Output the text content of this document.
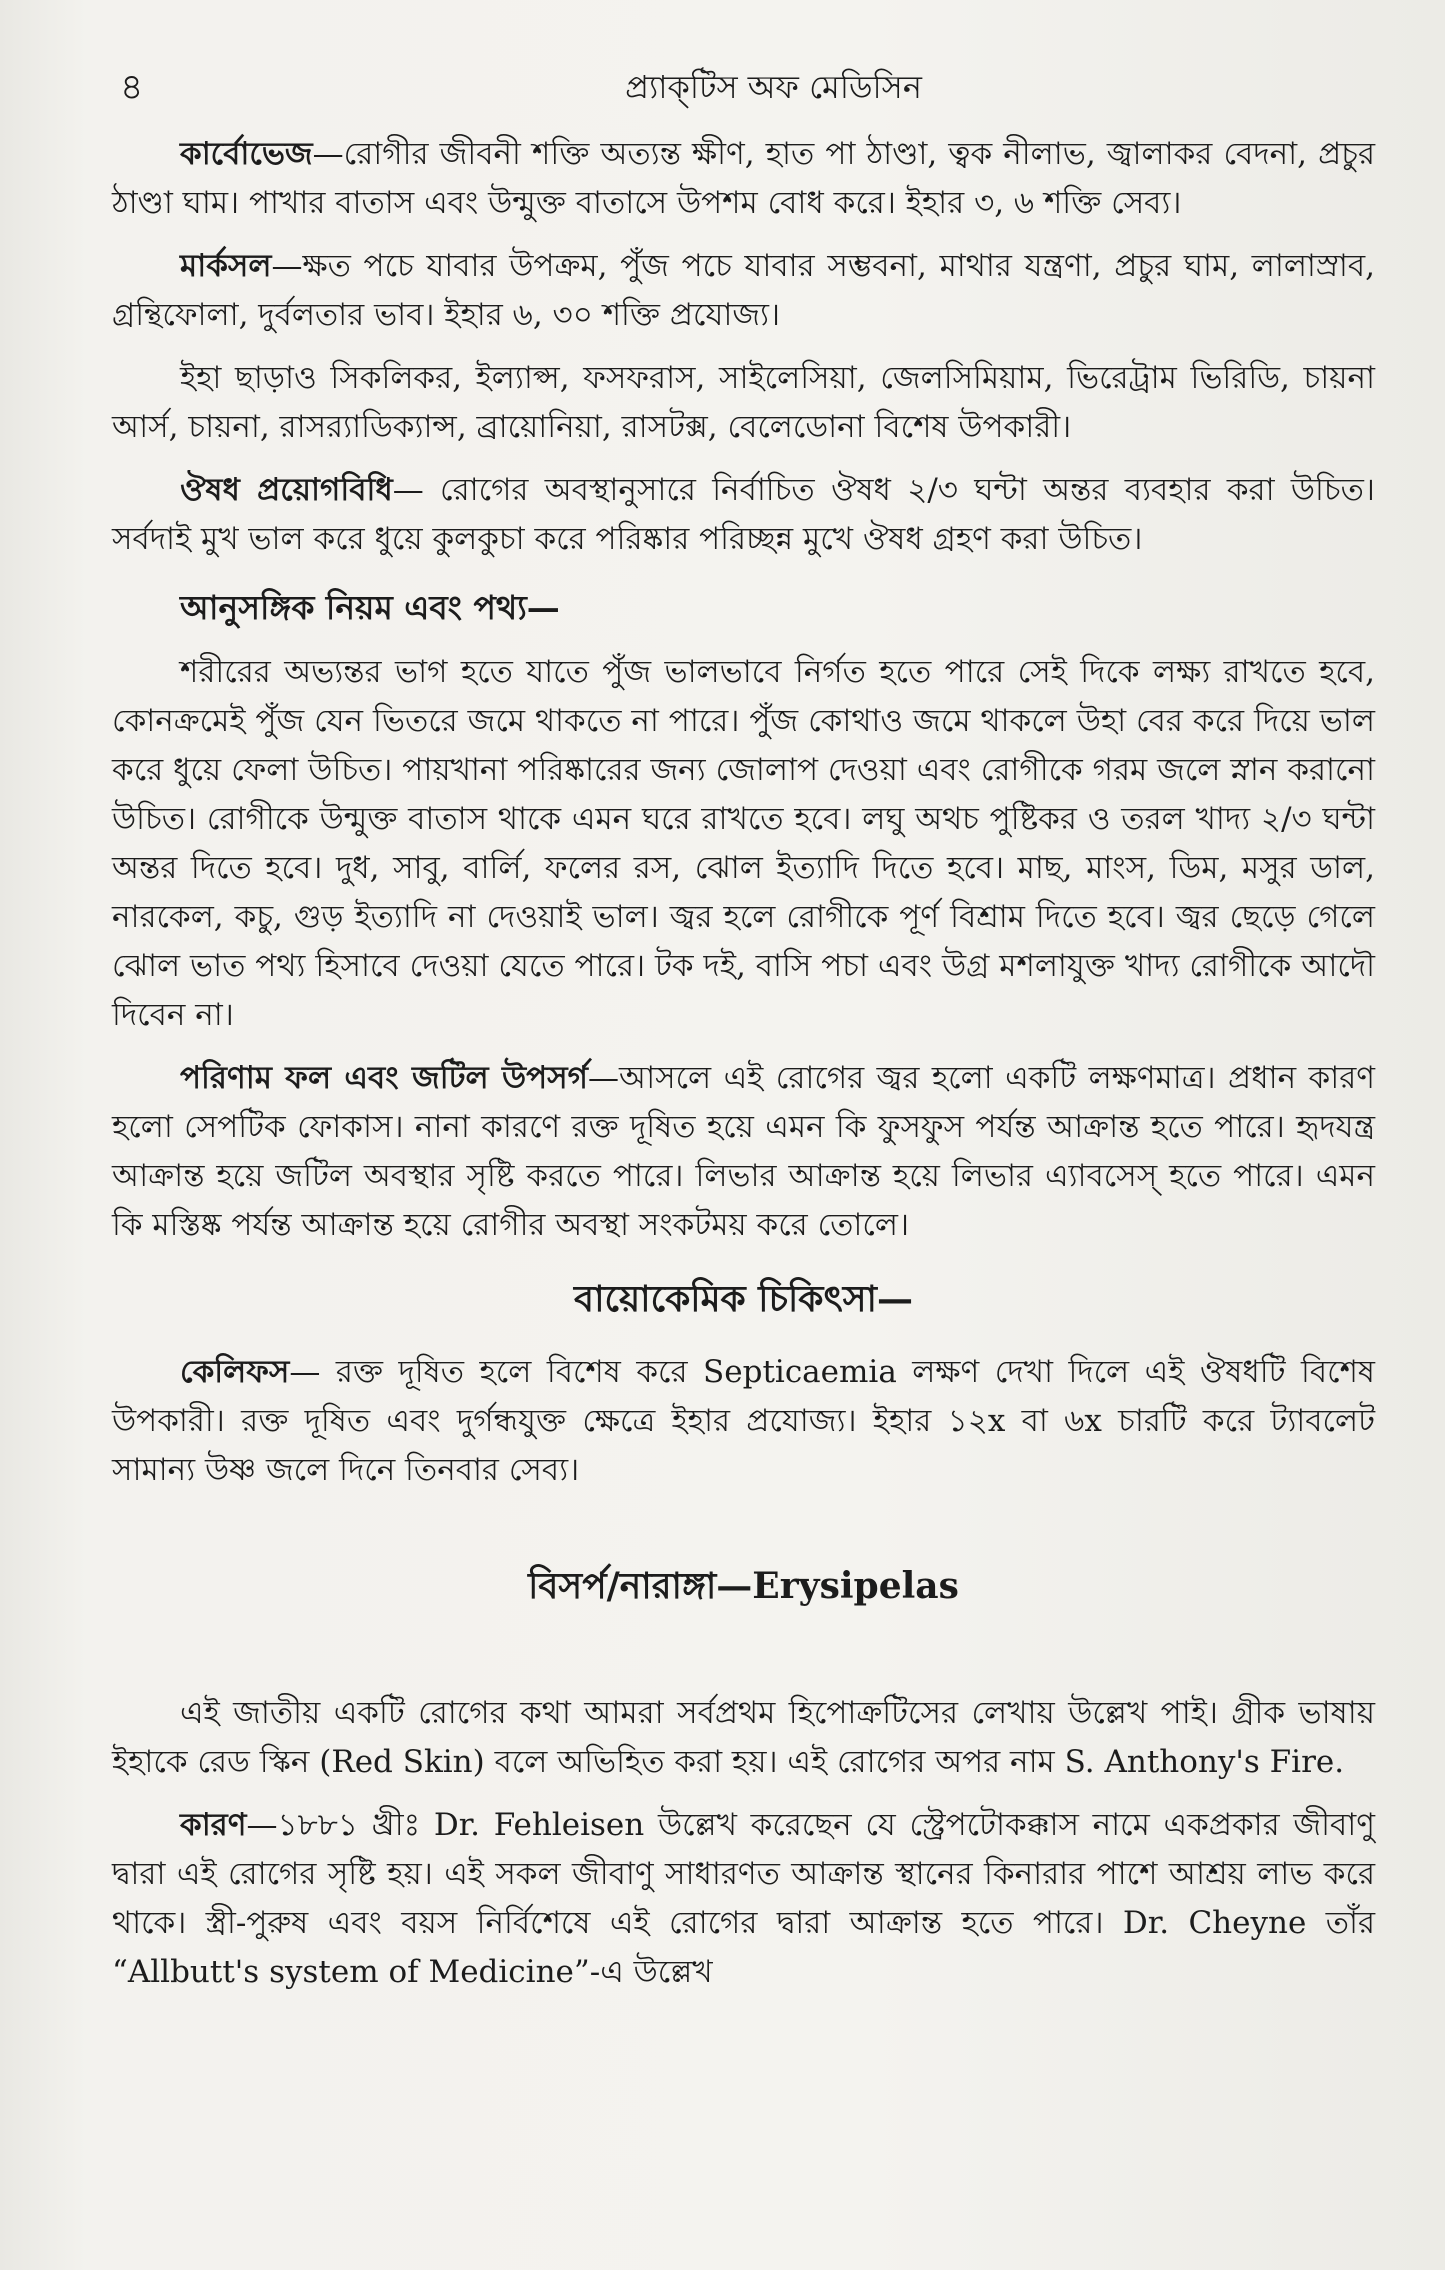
৪	প্র্যাক্‌টিস অফ মেডিসিন

কার্বোভেজ—রোগীর জীবনী শক্তি অত্যন্ত ক্ষীণ, হাত পা ঠাণ্ডা, ত্বক নীলাভ, জ্বালাকর বেদনা, প্রচুর ঠাণ্ডা ঘাম। পাখার বাতাস এবং উন্মুক্ত বাতাসে উপশম বোধ করে। ইহার ৩, ৬ শক্তি সেব্য।

মার্কসল—ক্ষত পচে যাবার উপক্রম, পুঁজ পচে যাবার সম্ভবনা, মাথার যন্ত্রণা, প্রচুর ঘাম, লালাস্রাব, গ্রন্থিফোলা, দুর্বলতার ভাব। ইহার ৬, ৩০ শক্তি প্রযোজ্য।

ইহা ছাড়াও সিকলিকর, ইল্যাপ্স, ফসফরাস, সাইলেসিয়া, জেলসিমিয়াম, ভিরেট্রাম ভিরিডি, চায়না আর্স, চায়না, রাসর‍্যাডিক্যান্স, ব্রায়োনিয়া, রাসটক্স, বেলেডোনা বিশেষ উপকারী।

ঔষধ প্রয়োগবিধি— রোগের অবস্থানুসারে নির্বাচিত ঔষধ ২/৩ ঘন্টা অন্তর ব্যবহার করা উচিত। সর্বদাই মুখ ভাল করে ধুয়ে কুলকুচা করে পরিষ্কার পরিচ্ছন্ন মুখে ঔষধ গ্রহণ করা উচিত।

আনুসঙ্গিক নিয়ম এবং পথ্য—

শরীরের অভ্যন্তর ভাগ হতে যাতে পুঁজ ভালভাবে নির্গত হতে পারে সেই দিকে লক্ষ্য রাখতে হবে, কোনক্রমেই পুঁজ যেন ভিতরে জমে থাকতে না পারে। পুঁজ কোথাও জমে থাকলে উহা বের করে দিয়ে ভাল করে ধুয়ে ফেলা উচিত। পায়খানা পরিষ্কারের জন্য জোলাপ দেওয়া এবং রোগীকে গরম জলে স্নান করানো উচিত। রোগীকে উন্মুক্ত বাতাস থাকে এমন ঘরে রাখতে হবে। লঘু অথচ পুষ্টিকর ও তরল খাদ্য ২/৩ ঘন্টা অন্তর দিতে হবে। দুধ, সাবু, বার্লি, ফলের রস, ঝোল ইত্যাদি দিতে হবে। মাছ, মাংস, ডিম, মসুর ডাল, নারকেল, কচু, গুড় ইত্যাদি না দেওয়াই ভাল। জ্বর হলে রোগীকে পূর্ণ বিশ্রাম দিতে হবে। জ্বর ছেড়ে গেলে ঝোল ভাত পথ্য হিসাবে দেওয়া যেতে পারে। টক দই, বাসি পচা এবং উগ্র মশলাযুক্ত খাদ্য রোগীকে আদৌ দিবেন না।

পরিণাম ফল এবং জটিল উপসর্গ—আসলে এই রোগের জ্বর হলো একটি লক্ষণমাত্র। প্রধান কারণ হলো সেপটিক ফোকাস। নানা কারণে রক্ত দূষিত হয়ে এমন কি ফুসফুস পর্যন্ত আক্রান্ত হতে পারে। হৃদযন্ত্র আক্রান্ত হয়ে জটিল অবস্থার সৃষ্টি করতে পারে। লিভার আক্রান্ত হয়ে লিভার এ্যাবসেস্‌ হতে পারে। এমন কি মস্তিষ্ক পর্যন্ত আক্রান্ত হয়ে রোগীর অবস্থা সংকটময় করে তোলে।

বায়োকেমিক চিকিৎসা—

কেলিফস— রক্ত দূষিত হলে বিশেষ করে Septicaemia লক্ষণ দেখা দিলে এই ঔষধটি বিশেষ উপকারী। রক্ত দূষিত এবং দুর্গন্ধযুক্ত ক্ষেত্রে ইহার প্রযোজ্য। ইহার ১২x বা ৬x চারটি করে ট্যাবলেট সামান্য উষ্ণ জলে দিনে তিনবার সেব্য।

বিসর্প/নারাঙ্গা—Erysipelas

এই জাতীয় একটি রোগের কথা আমরা সর্বপ্রথম হিপোক্রটিসের লেখায় উল্লেখ পাই। গ্রীক ভাষায় ইহাকে রেড স্কিন (Red Skin) বলে অভিহিত করা হয়। এই রোগের অপর নাম S. Anthony's Fire.

কারণ—১৮৮১ খ্রীঃ Dr. Fehleisen উল্লেখ করেছেন যে স্ট্রেপটোকক্কাস নামে একপ্রকার জীবাণু দ্বারা এই রোগের সৃষ্টি হয়। এই সকল জীবাণু সাধারণত আক্রান্ত স্থানের কিনারার পাশে আশ্রয় লাভ করে থাকে। স্ত্রী-পুরুষ এবং বয়স নির্বিশেষে এই রোগের দ্বারা আক্রান্ত হতে পারে। Dr. Cheyne তাঁর “Allbutt's system of Medicine”-এ উল্লেখ
